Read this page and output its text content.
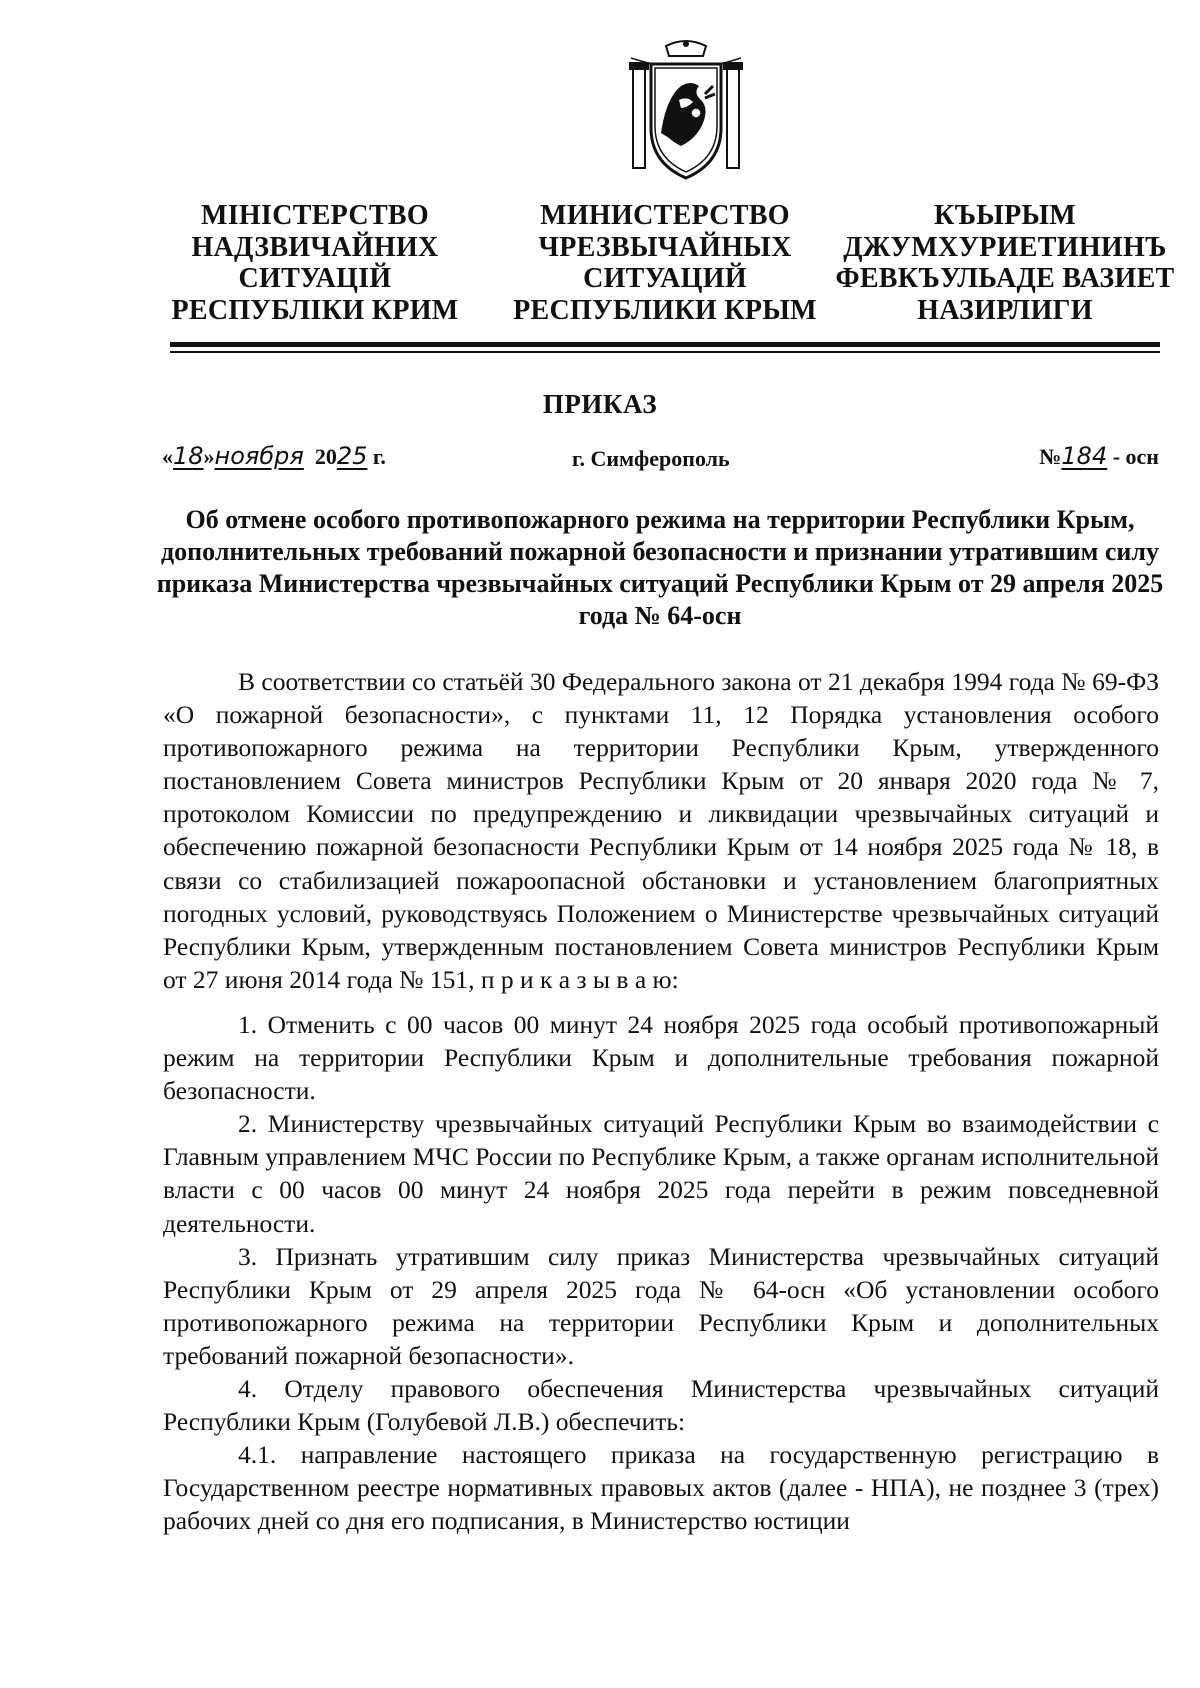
МІНІСТЕРСТВО НАДЗВИЧАЙНИХ СИТУАЦІЙ РЕСПУБЛІКИ КРИМ
МИНИСТЕРСТВО ЧРЕЗВЫЧАЙНЫХ СИТУАЦИЙ РЕСПУБЛИКИ КРЫМ
КЪЫРЫМ ДЖУМХУРИЕТИНИНЪ ФЕВКЪУЛЬАДЕ ВАЗИЕТ НАЗИРЛИГИ
ПРИКАЗ
«18»ноября 2025 г.	г. Симферополь	№184 - осн
Об отмене особого противопожарного режима на территории Республики Крым, дополнительных требований пожарной безопасности и признании утратившим силу приказа Министерства чрезвычайных ситуаций Республики Крым от 29 апреля 2025 года № 64-осн

В соответствии со статьёй 30 Федерального закона от 21 декабря 1994 года № 69-ФЗ «О пожарной безопасности», с пунктами 11, 12 Порядка установления особого противопожарного режима на территории Республики Крым, утвержденного постановлением Совета министров Республики Крым от 20 января 2020 года № 7, протоколом Комиссии по предупреждению и ликвидации чрезвычайных ситуаций и обеспечению пожарной безопасности Республики Крым от 14 ноября 2025 года № 18, в связи со стабилизацией пожароопасной обстановки и установлением благоприятных погодных условий, руководствуясь Положением о Министерстве чрезвычайных ситуаций Республики Крым, утвержденным постановлением Совета министров Республики Крым от 27 июня 2014 года № 151, п р и к а з ы в а ю:

1. Отменить с 00 часов 00 минут 24 ноября 2025 года особый противопожарный режим на территории Республики Крым и дополнительные требования пожарной безопасности.

2. Министерству чрезвычайных ситуаций Республики Крым во взаимодействии с Главным управлением МЧС России по Республике Крым, а также органам исполнительной власти с 00 часов 00 минут 24 ноября 2025 года перейти в режим повседневной деятельности.

3. Признать утратившим силу приказ Министерства чрезвычайных ситуаций Республики Крым от 29 апреля 2025 года № 64-осн «Об установлении особого противопожарного режима на территории Республики Крым и дополнительных требований пожарной безопасности».

4. Отделу правового обеспечения Министерства чрезвычайных ситуаций Республики Крым (Голубевой Л.В.) обеспечить:

4.1. направление настоящего приказа на государственную регистрацию в Государственном реестре нормативных правовых актов (далее - НПА), не позднее 3 (трех) рабочих дней со дня его подписания, в Министерство юстиции
